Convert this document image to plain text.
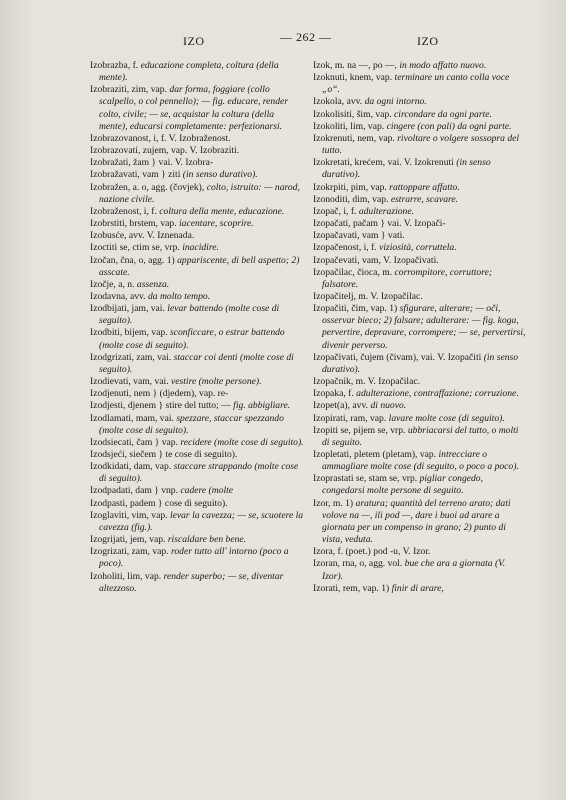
IZO	— 262 —	IZO

Izobrazba, f. educazione completa, coltura (della mente).

Izobraziti, zim, vap. dar forma, foggiare (collo scalpello, o col pennello); — fig. educare, render colto, civile; — se, acquistar la coltura (della mente), educarsi completamente: perfezionarsi.

Izobrazovanost, i, f. V. Izobraženost.

Izobrazovati, zujem, vap. V. Izobraziti.

Izobražati, žam } vai. V. Izobra-

Izobražavati, vam } ziti (in senso durativo).

Izobražen, a. o, agg. (čovjek), colto, istruito: — narod, nazione civile.

Izobraženost, i, f. coltura della mente, educazione.

Izobrstiti, brstem, vap. iacentare, scoprire.

Izobusće, avv. V. Iznenada.

Izoctiti se, ctim se, vrp. inacidire.

Izočan, čna, o, agg. 1) appariscente, di bell aspetto; 2) asscate.

Izočje, a, n. assenza.

Izodavna, avv. da molto tempo.

Izodbijati, jam, vai. levar battendo (molte cose di seguito).

Izodbiti, bijem, vap. sconficcare, o estrar battendo (molte cose di seguito).

Izodgrizati, zam, vai. staccar coi denti (molte cose di seguito).

Izodievati, vam, vai. vestire (molte persone).

Izodjenuti, nem } (djedem), vap. re-

Izodjesti, djenem } stire del tutto; — fig. abbigliare.

Izodlamati, mam, vai. spezzare, staccar spezzando (molte cose di seguito).

Izodsiecati, čam } vap. recidere (molte cose di seguito).

Izodsjeći, siečem } te cose di seguito).

Izodkidati, dam, vap. staccare strappando (molte cose di seguito).

Izodpadati, dam } vnp. cadere (molte

Izodpasti, padem } cose di seguito).

Izoglaviti, vim, vap. levar la cavezza; — se, scuotere la cavezza (fig.).

Izogrijati, jem, vap. riscaldare ben bene.

Izogrizati, zam, vap. roder tutto all' intorno (poco a poco).

Izoholiti, lim, vap. render superbo; — se, diventar altezzoso.

Izok, m. na —, po —, in modo affatto nuovo.

Izoknuti, knem, vap. terminare un canto colla voce „o“.

Izokola, avv. da ogni intorno.

Izokolisiti, šim, vap. circondare da ogni parte.

Izokoliti, lim, vap. cingere (con pali) da ogni parte.

Izokrenuti, nem, vap. rivoltare o volgere sossopra del tutto.

Izokretati, krećem, vai. V. Izokrenuti (in senso durativo).

Izokrpiti, pim, vap. rattoppare affatto.

Izonoditi, dim, vap. estrarre, scavare.

Izopač, i, f. adulterazione.

Izopačati, pačam } vai. V. Izopači-

Izopačavati, vam } vati.

Izopačenost, i, f. viziosità, corruttela.

Izopačevati, vam, V. Izopačivati.

Izopačilac, čioca, m. corrompitore, corruttore; falsatore.

Izopačitelj, m. V. Izopačilac.

Izopačiti, čim, vap. 1) sfigurare, alterare; — oči, osservar bieco; 2) falsare; adulterare: — fig. koga, pervertire, depravare, corrompere; — se, pervertirsi, divenir perverso.

Izopačivati, čujem (čivam), vai. V. Izopačiti (in senso durativo).

Izopačnik, m. V. Izopačilac.

Izopaka, f. adulterazione, contraffazione; corruzione.

Izopet(a), avv. di nuovo.

Izopirati, ram, vap. lavare molte cose (di seguito).

Izopiti se, pijem se, vrp. ubbriacarsi del tutto, o molti di seguito.

Izopletati, pletem (pletam), vap. intrecciare o ammagliare molte cose (di seguito, o poco a poco).

Izoprastati se, stam se, vrp. pigliar congedo, congedarsi molte persone di seguito.

Izor, m. 1) aratura; quantità del terreno arato; dati volove na —, ili pod —, dare i buoi ad arare a giornata per un compenso in grano; 2) punto di vista, veduta.

Izora, f. (poet.) pod -u, V. Izor.

Izoran, rna, o, agg. vol. bue che ara a giornata (V. Izor).

Izorati, rem, vap. 1) finir di arare,
